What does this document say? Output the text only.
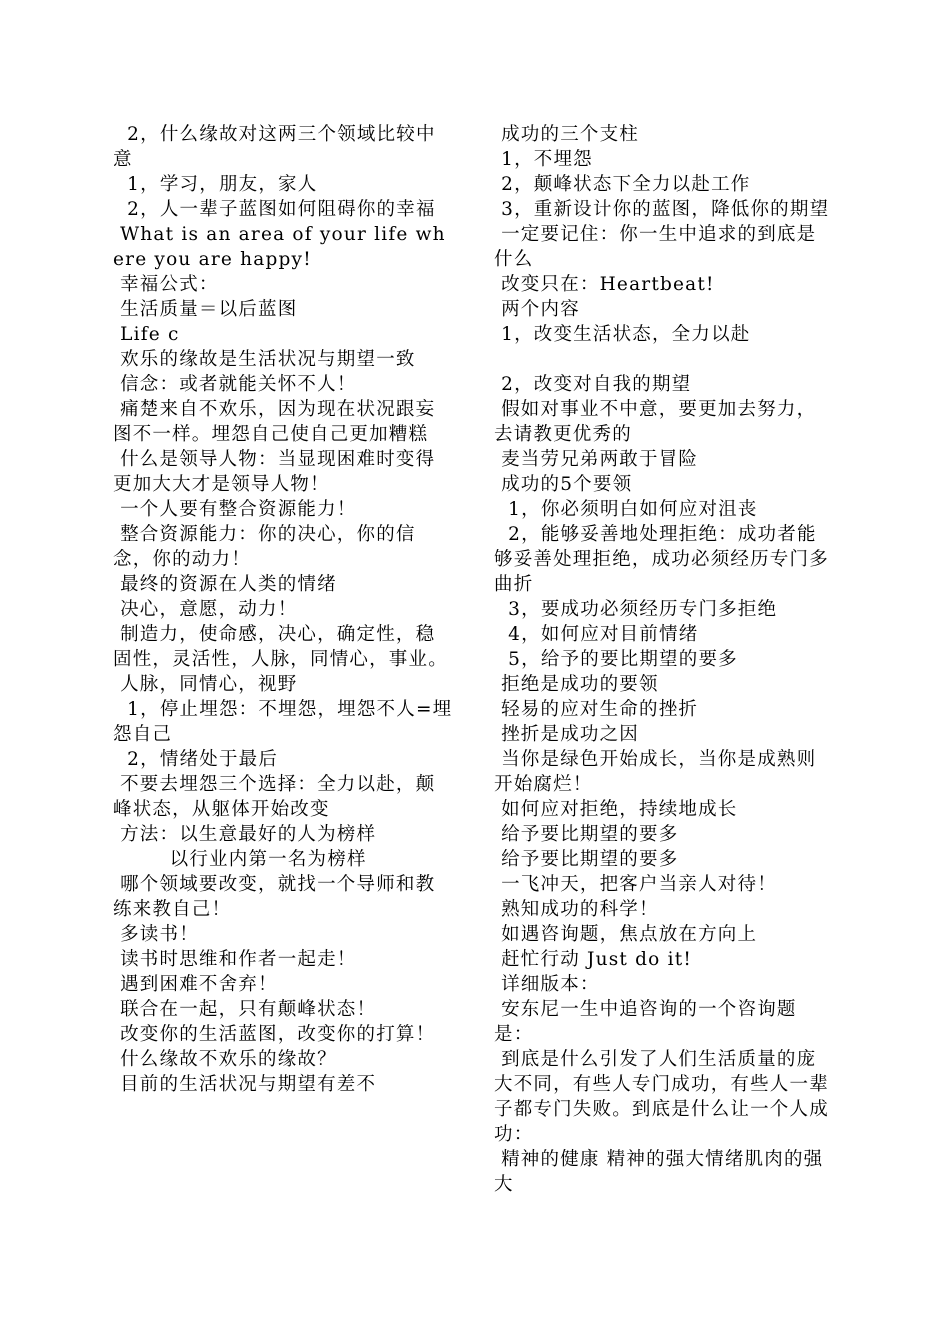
2，什么缘故对这两三个领域比较中意

1，学习，朋友，家人

2，人一辈子蓝图如何阻碍你的幸福

What is an area of your life where you are happy!

幸福公式：

生活质量＝以后蓝图

Life c

欢乐的缘故是生活状况与期望一致

信念：或者就能关怀不人！

痛楚来自不欢乐，因为现在状况跟妄图不一样。埋怨自己使自己更加糟糕

什么是领导人物：当显现困难时变得更加大大才是领导人物！

一个人要有整合资源能力！

整合资源能力：你的决心，你的信念，你的动力！

最终的资源在人类的情绪

决心，意愿，动力！

制造力，使命感，决心，确定性，稳固性，灵活性，人脉，同情心，事业。

人脉，同情心，视野

1，停止埋怨：不埋怨，埋怨不人=埋怨自己

2，情绪处于最后

不要去埋怨三个选择：全力以赴，颠峰状态，从躯体开始改变

方法：以生意最好的人为榜样

以行业内第一名为榜样

哪个领域要改变，就找一个导师和教练来教自己！

多读书！

读书时思维和作者一起走！

遇到困难不舍弃！

联合在一起，只有颠峰状态！

改变你的生活蓝图，改变你的打算！

什么缘故不欢乐的缘故？

目前的生活状况与期望有差不

成功的三个支柱

1，不埋怨

2，颠峰状态下全力以赴工作

3，重新设计你的蓝图，降低你的期望

一定要记住：你一生中追求的到底是什么

改变只在：Heartbeat!

两个内容

1，改变生活状态，全力以赴

2，改变对自我的期望

假如对事业不中意，要更加去努力，去请教更优秀的

麦当劳兄弟两敢于冒险

成功的5个要领

1，你必须明白如何应对沮丧

2，能够妥善地处理拒绝：成功者能够妥善处理拒绝，成功必须经历专门多曲折

3，要成功必须经历专门多拒绝

4，如何应对目前情绪

5，给予的要比期望的要多

拒绝是成功的要领

轻易的应对生命的挫折

挫折是成功之因

当你是绿色开始成长，当你是成熟则开始腐烂！

如何应对拒绝，持续地成长

给予要比期望的要多

给予要比期望的要多

一飞冲天，把客户当亲人对待！

熟知成功的科学！

如遇咨询题，焦点放在方向上

赶忙行动 Just do it!

详细版本：

安东尼一生中追咨询的一个咨询题是：

到底是什么引发了人们生活质量的庞大不同，有些人专门成功，有些人一辈子都专门失败。到底是什么让一个人成功：

精神的健康 精神的强大情绪肌肉的强大
